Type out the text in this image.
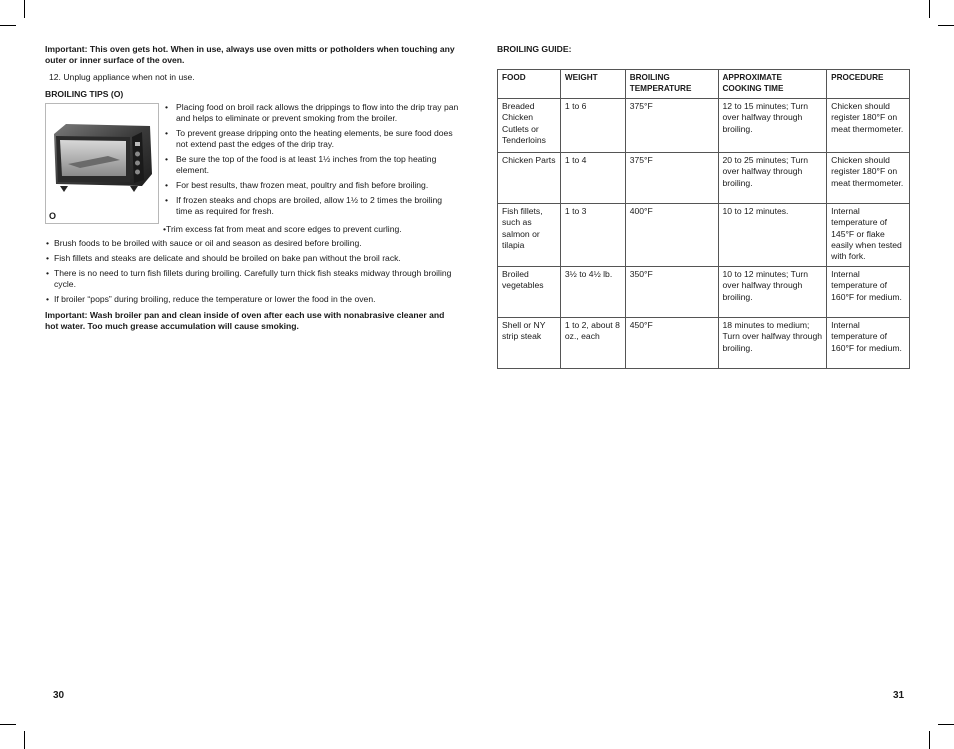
Important: This oven gets hot. When in use, always use oven mitts or potholders when touching any outer or inner surface of the oven.

12. Unplug appliance when not in use.
BROILING TIPS (O)
O
• Placing food on broil rack allows the drippings to flow into the drip tray pan and helps to eliminate or prevent smoking from the broiler.
• To prevent grease dripping onto the heating elements, be sure food does not extend past the edges of the drip tray.
• Be sure the top of the food is at least 1½ inches from the top heating element.
• For best results, thaw frozen meat, poultry and fish before broiling.
• If frozen steaks and chops are broiled, allow 1½ to 2 times the broiling time as required for fresh.
•Trim excess fat from meat and score edges to prevent curling.
• Brush foods to be broiled with sauce or oil and season as desired before broiling.
• Fish fillets and steaks are delicate and should be broiled on bake pan without the broil rack.
• There is no need to turn fish fillets during broiling. Carefully turn thick fish steaks midway through broiling cycle.
• If broiler “pops” during broiling, reduce the temperature or lower the food in the oven.

Important: Wash broiler pan and clean inside of oven after each use with nonabrasive cleaner and hot water. Too much grease accumulation will cause smoking.

30

BROILING GUIDE:

FOOD	WEIGHT	BROILING TEMPERATURE	APPROXIMATE COOKING TIME	PROCEDURE
Breaded Chicken Cutlets or Tenderloins	1 to 6	375°F	12 to 15 minutes; Turn over halfway through broiling.	Chicken should register 180°F on meat thermometer.
Chicken Parts	1 to 4	375°F	20 to 25 minutes; Turn over halfway through broiling.	Chicken should register 180°F on meat thermometer.
Fish fillets, such as salmon or tilapia	1 to 3	400°F	10 to 12 minutes.	Internal temperature of 145°F or flake easily when tested with fork.
Broiled vegetables	3½ to 4½ lb.	350°F	10 to 12 minutes; Turn over halfway through broiling.	Internal temperature of 160°F for medium.
Shell or NY strip steak	1 to 2, about 8 oz., each	450°F	18 minutes to medium; Turn over halfway through broiling.	Internal temperature of 160°F for medium.
31
